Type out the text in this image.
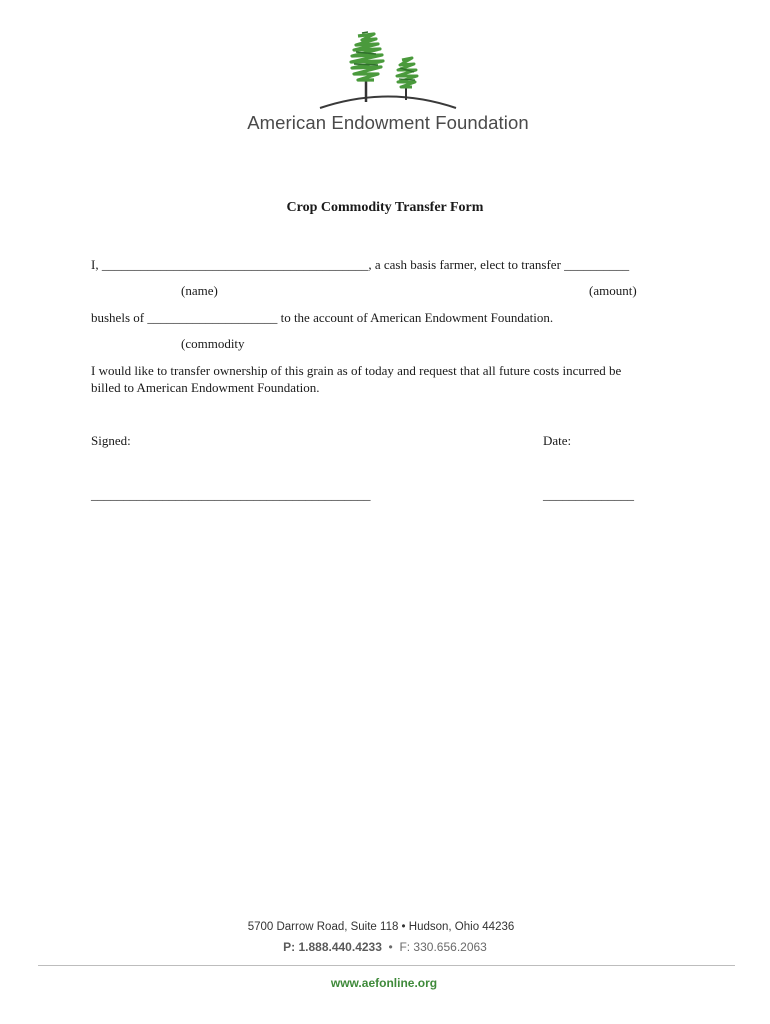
American Endowment Foundation
Crop Commodity Transfer Form
I, _________________________________________, a cash basis farmer, elect to transfer __________
(name)	(amount)
bushels of ____________________ to the account of American Endowment Foundation.
(commodity
I would like to transfer ownership of this grain as of today and request that all future costs incurred be
billed to American Endowment Foundation.
Signed:	Date:
___________________________________________	______________
5700 Darrow Road, Suite 118 • Hudson, Ohio 44236
P: 1.888.440.4233  •  F: 330.656.2063
www.aefonline.org
